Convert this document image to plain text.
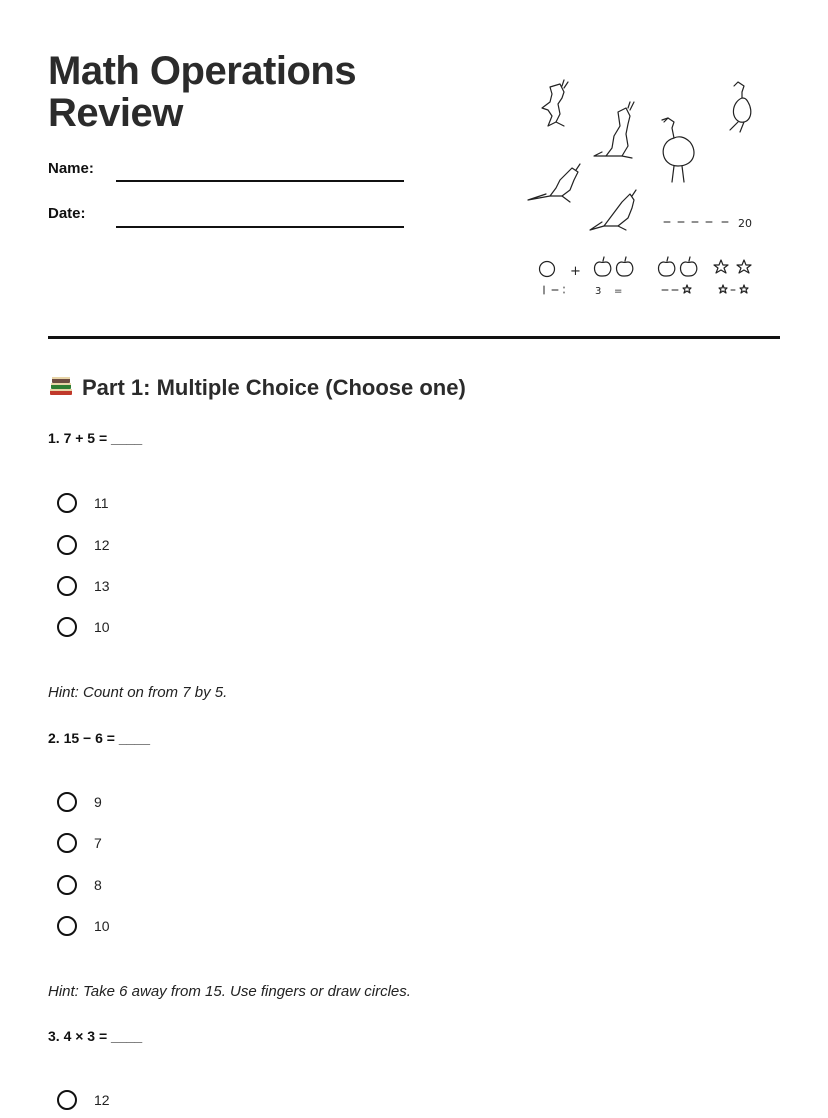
Math Operations
Review
Name:
Date:
20
+
3 =
Part 1: Multiple Choice (Choose one)
1. 7 + 5 = ____
11
12
13
10
Hint: Count on from 7 by 5.
2. 15 − 6 = ____
9
7
8
10
Hint: Take 6 away from 15. Use fingers or draw circles.
3. 4 × 3 = ____
12
